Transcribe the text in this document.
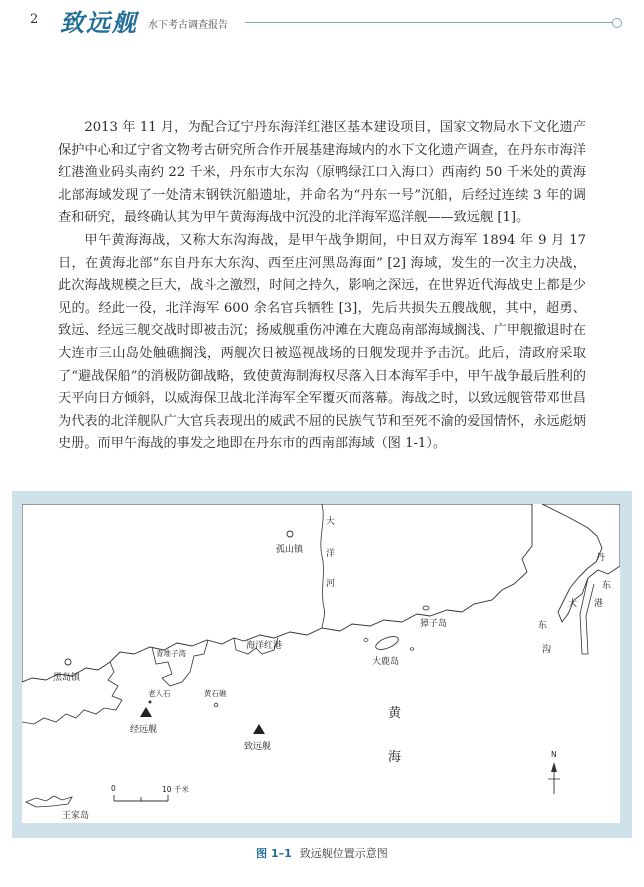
2 致远舰 水下考古调查报告

2013 年 11 月，为配合辽宁丹东海洋红港区基本建设项目，国家文物局水下文化遗产保护中心和辽宁省文物考古研究所合作开展基建海域内的水下文化遗产调查，在丹东市海洋红港渔业码头南约 22 千米，丹东市大东沟（原鸭绿江口入海口）西南约 50 千米处的黄海北部海域发现了一处清末钢铁沉船遗址，并命名为“丹东一号”沉船，后经过连续 3 年的调查和研究，最终确认其为甲午黄海海战中沉没的北洋海军巡洋舰——致远舰 [1]。

甲午黄海海战，又称大东沟海战，是甲午战争期间，中日双方海军 1894 年 9 月 17 日，在黄海北部“东自丹东大东沟、西至庄河黑岛海面” [2] 海域，发生的一次主力决战，此次海战规模之巨大，战斗之激烈，时间之持久，影响之深远，在世界近代海战史上都是少见的。经此一役，北洋海军 600 余名官兵牺牲 [3]，先后共损失五艘战舰，其中，超勇、致远、经远三舰交战时即被击沉；扬威舰重伤冲滩在大鹿岛南部海域搁浅、广甲舰撤退时在大连市三山岛处触礁搁浅，两舰次日被巡视战场的日舰发现并予击沉。此后，清政府采取了“避战保船”的消极防御战略，致使黄海制海权尽落入日本海军手中，甲午战争最后胜利的天平向日方倾斜，以威海保卫战北洋海军全军覆灭而落幕。海战之时，以致远舰管带邓世昌为代表的北洋舰队广大官兵表现出的威武不屈的民族气节和至死不渝的爱国情怀，永远彪炳史册。而甲午海战的事发之地即在丹东市的西南部海域（图 1-1）。

孤山镇
大
洋
河
丹
东
大 港
东
沟
獐子岛
黑岛镇
青堆子湾
海洋红港
大鹿岛
老人石	黄石礁
经远舰
致远舰
黄
海	N
0	10 千米
王家岛
图 1–1 致远舰位置示意图
